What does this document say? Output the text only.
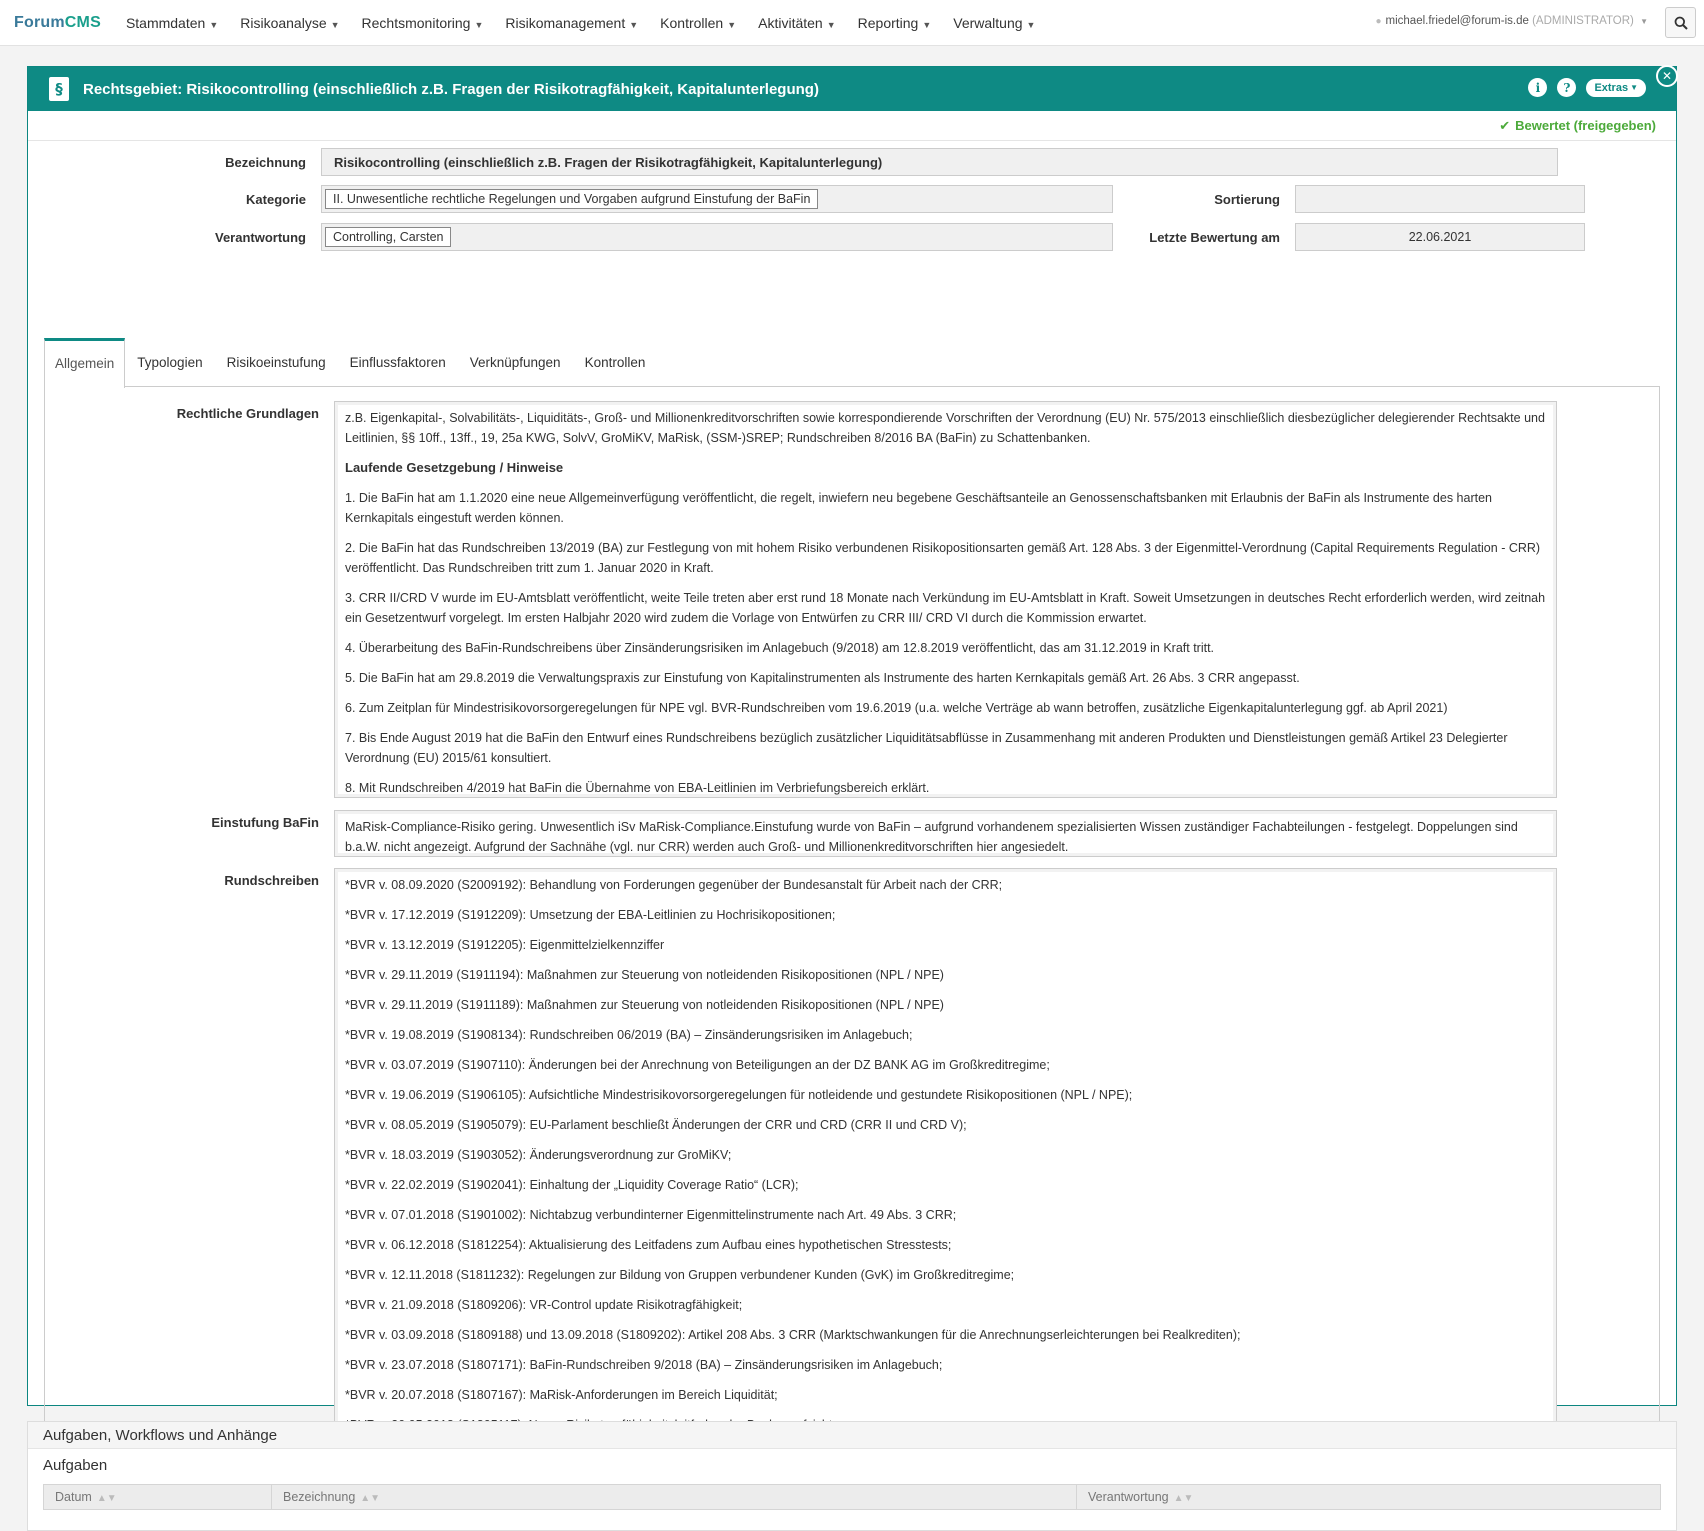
ForumCMS Stammdaten ▼ Risikoanalyse ▼ Rechtsmonitoring ▼ Risikomanagement ▼ Kontrollen ▼ Aktivitäten ▼ Reporting ▼ Verwaltung ▼	● michael.friedel@forum-is.de (ADMINISTRATOR) ▼
§	Rechtsgebiet: Risikocontrolling (einschließlich z.B. Fragen der Risikotragfähigkeit, Kapitalunterlegung)	i	?	Extras ▼
✕
✔ Bewertet (freigegeben)
Bezeichnung	Risikocontrolling (einschließlich z.B. Fragen der Risikotragfähigkeit, Kapitalunterlegung)
Kategorie	II. Unwesentliche rechtliche Regelungen und Vorgaben aufgrund Einstufung der BaFin	Sortierung
Verantwortung	Controlling, Carsten	Letzte Bewertung am	22.06.2021
Allgemein	Typologien	Risikoeinstufung	Einflussfaktoren	Verknüpfungen	Kontrollen
Rechtliche Grundlagen z.B. Eigenkapital-, Solvabilitäts-, Liquiditäts-, Groß- und Millionenkreditvorschriften sowie korrespondierende Vorschriften der Verordnung (EU) Nr. 575/2013 einschließlich diesbezüglicher delegierender Rechtsakte und Leitlinien, §§ 10ff., 13ff., 19, 25a KWG, SolvV, GroMiKV, MaRisk, (SSM-)SREP; Rundschreiben 8/2016 BA (BaFin) zu Schattenbanken.

Laufende Gesetzgebung / Hinweise

1. Die BaFin hat am 1.1.2020 eine neue Allgemeinverfügung veröffentlicht, die regelt, inwiefern neu begebene Geschäftsanteile an Genossenschaftsbanken mit Erlaubnis der BaFin als Instrumente des harten Kernkapitals eingestuft werden können.

2. Die BaFin hat das Rundschreiben 13/2019 (BA) zur Festlegung von mit hohem Risiko verbundenen Risikopositionsarten gemäß Art. 128 Abs. 3 der Eigenmittel-Verordnung (Capital Requirements Regulation - CRR) veröffentlicht. Das Rundschreiben tritt zum 1. Januar 2020 in Kraft.

3. CRR II/CRD V wurde im EU-Amtsblatt veröffentlicht, weite Teile treten aber erst rund 18 Monate nach Verkündung im EU-Amtsblatt in Kraft. Soweit Umsetzungen in deutsches Recht erforderlich werden, wird zeitnah ein Gesetzentwurf vorgelegt. Im ersten Halbjahr 2020 wird zudem die Vorlage von Entwürfen zu CRR III/ CRD VI durch die Kommission erwartet.

4. Überarbeitung des BaFin-Rundschreibens über Zinsänderungsrisiken im Anlagebuch (9/2018) am 12.8.2019 veröffentlicht, das am 31.12.2019 in Kraft tritt.

5. Die BaFin hat am 29.8.2019 die Verwaltungspraxis zur Einstufung von Kapitalinstrumenten als Instrumente des harten Kernkapitals gemäß Art. 26 Abs. 3 CRR angepasst.

6. Zum Zeitplan für Mindestrisikovorsorgeregelungen für NPE vgl. BVR-Rundschreiben vom 19.6.2019 (u.a. welche Verträge ab wann betroffen, zusätzliche Eigenkapitalunterlegung ggf. ab April 2021)

7. Bis Ende August 2019 hat die BaFin den Entwurf eines Rundschreibens bezüglich zusätzlicher Liquiditätsabflüsse in Zusammenhang mit anderen Produkten und Dienstleistungen gemäß Artikel 23 Delegierter Verordnung (EU) 2015/61 konsultiert.

8. Mit Rundschreiben 4/2019 hat BaFin die Übernahme von EBA-Leitlinien im Verbriefungsbereich erklärt.

Einstufung BaFin MaRisk-Compliance-Risiko gering. Unwesentlich iSv MaRisk-Compliance.Einstufung wurde von BaFin – aufgrund vorhandenem spezialisierten Wissen zuständiger Fachabteilungen - festgelegt. Doppelungen sind b.a.W. nicht angezeigt. Aufgrund der Sachnähe (vgl. nur CRR) werden auch Groß- und Millionenkreditvorschriften hier angesiedelt.

Rundschreiben *BVR v. 08.09.2020 (S2009192): Behandlung von Forderungen gegenüber der Bundesanstalt für Arbeit nach der CRR;

*BVR v. 17.12.2019 (S1912209): Umsetzung der EBA-Leitlinien zu Hochrisikopositionen;

*BVR v. 13.12.2019 (S1912205): Eigenmittelzielkennziffer

*BVR v. 29.11.2019 (S1911194): Maßnahmen zur Steuerung von notleidenden Risikopositionen (NPL / NPE)

*BVR v. 29.11.2019 (S1911189): Maßnahmen zur Steuerung von notleidenden Risikopositionen (NPL / NPE)

*BVR v. 19.08.2019 (S1908134): Rundschreiben 06/2019 (BA) – Zinsänderungsrisiken im Anlagebuch;

*BVR v. 03.07.2019 (S1907110): Änderungen bei der Anrechnung von Beteiligungen an der DZ BANK AG im Großkreditregime;

*BVR v. 19.06.2019 (S1906105): Aufsichtliche Mindestrisikovorsorgeregelungen für notleidende und gestundete Risikopositionen (NPL / NPE);

*BVR v. 08.05.2019 (S1905079): EU-Parlament beschließt Änderungen der CRR und CRD (CRR II und CRD V);

*BVR v. 18.03.2019 (S1903052): Änderungsverordnung zur GroMiKV;

*BVR v. 22.02.2019 (S1902041): Einhaltung der „Liquidity Coverage Ratio“ (LCR);

*BVR v. 07.01.2018 (S1901002): Nichtabzug verbundinterner Eigenmittelinstrumente nach Art. 49 Abs. 3 CRR;

*BVR v. 06.12.2018 (S1812254): Aktualisierung des Leitfadens zum Aufbau eines hypothetischen Stresstests;

*BVR v. 12.11.2018 (S1811232): Regelungen zur Bildung von Gruppen verbundener Kunden (GvK) im Großkreditregime;

*BVR v. 21.09.2018 (S1809206): VR-Control update Risikotragfähigkeit;

*BVR v. 03.09.2018 (S1809188) und 13.09.2018 (S1809202): Artikel 208 Abs. 3 CRR (Marktschwankungen für die Anrechnungserleichterungen bei Realkrediten);

*BVR v. 23.07.2018 (S1807171): BaFin-Rundschreiben 9/2018 (BA) – Zinsänderungsrisiken im Anlagebuch;

*BVR v. 20.07.2018 (S1807167): MaRisk-Anforderungen im Bereich Liquidität;

Aufgaben, Workflows und Anhänge
Aufgaben
Datum ▲▼	Bezeichnung ▲▼	Verantwortung ▲▼
